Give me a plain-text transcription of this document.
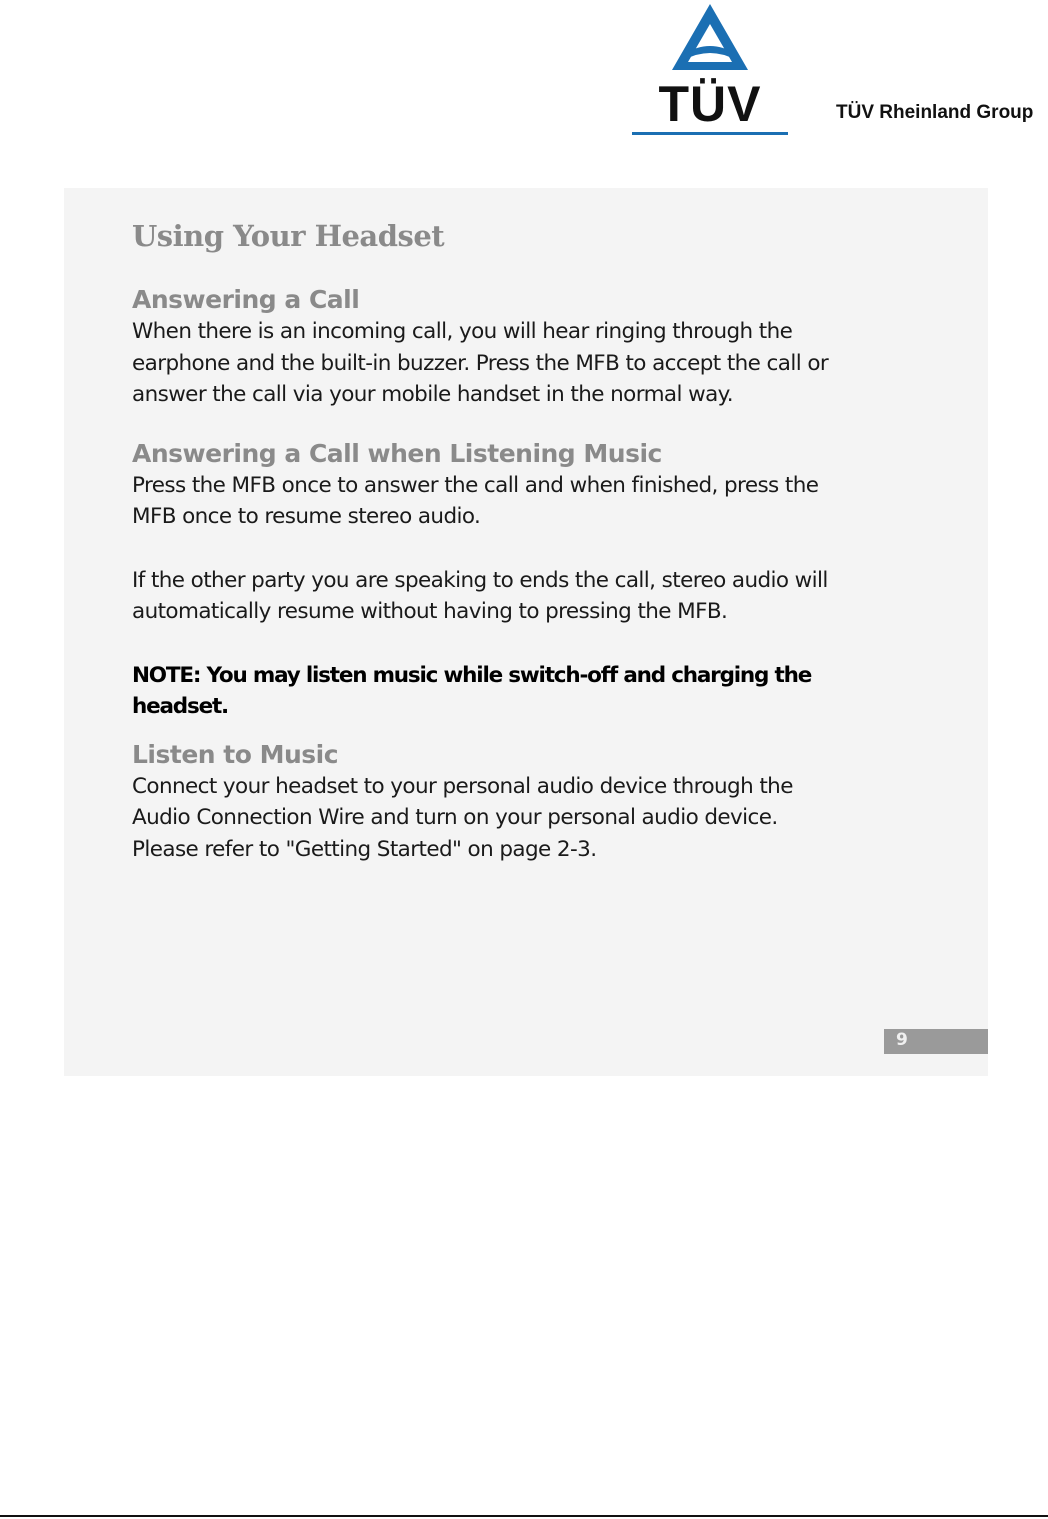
TÜV	TÜV Rheinland Group
Using Your Headset
Answering a Call

When there is an incoming call, you will hear ringing through the

earphone and the built-in buzzer. Press the MFB to accept the call or

answer the call via your mobile handset in the normal way.

Answering a Call when Listening Music

Press the MFB once to answer the call and when finished, press the

MFB once to resume stereo audio.

If the other party you are speaking to ends the call, stereo audio will

automatically resume without having to pressing the MFB.

NOTE: You may listen music while switch-off and charging the

headset.

Listen to Music

Connect your headset to your personal audio device through the

Audio Connection Wire and turn on your personal audio device.

Please refer to "Getting Started" on page 2-3.

9
